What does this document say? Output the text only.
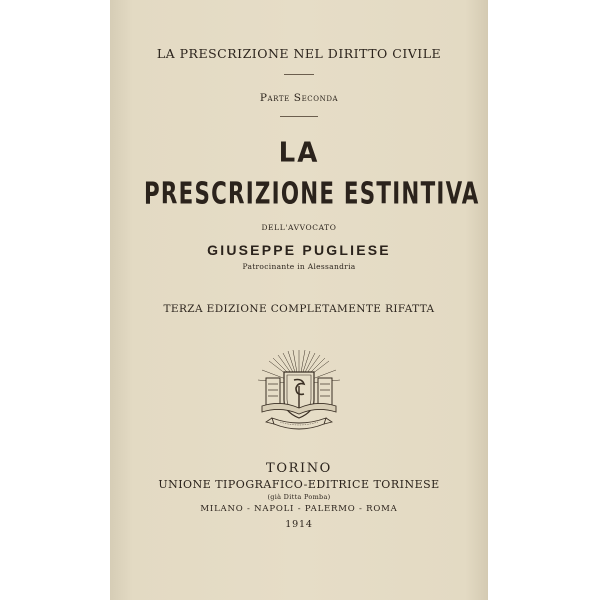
LA PRESCRIZIONE NEL DIRITTO CIVILE
Parte Seconda
LA
PRESCRIZIONE ESTINTIVA
DELL'AVVOCATO
GIUSEPPE PUGLIESE
Patrocinante in Alessandria
TERZA EDIZIONE COMPLETAMENTE RIFATTA
TORINO
UNIONE TIPOGRAFICO-EDITRICE TORINESE
(già Ditta Pomba)
MILANO - NAPOLI - PALERMO - ROMA
1914
